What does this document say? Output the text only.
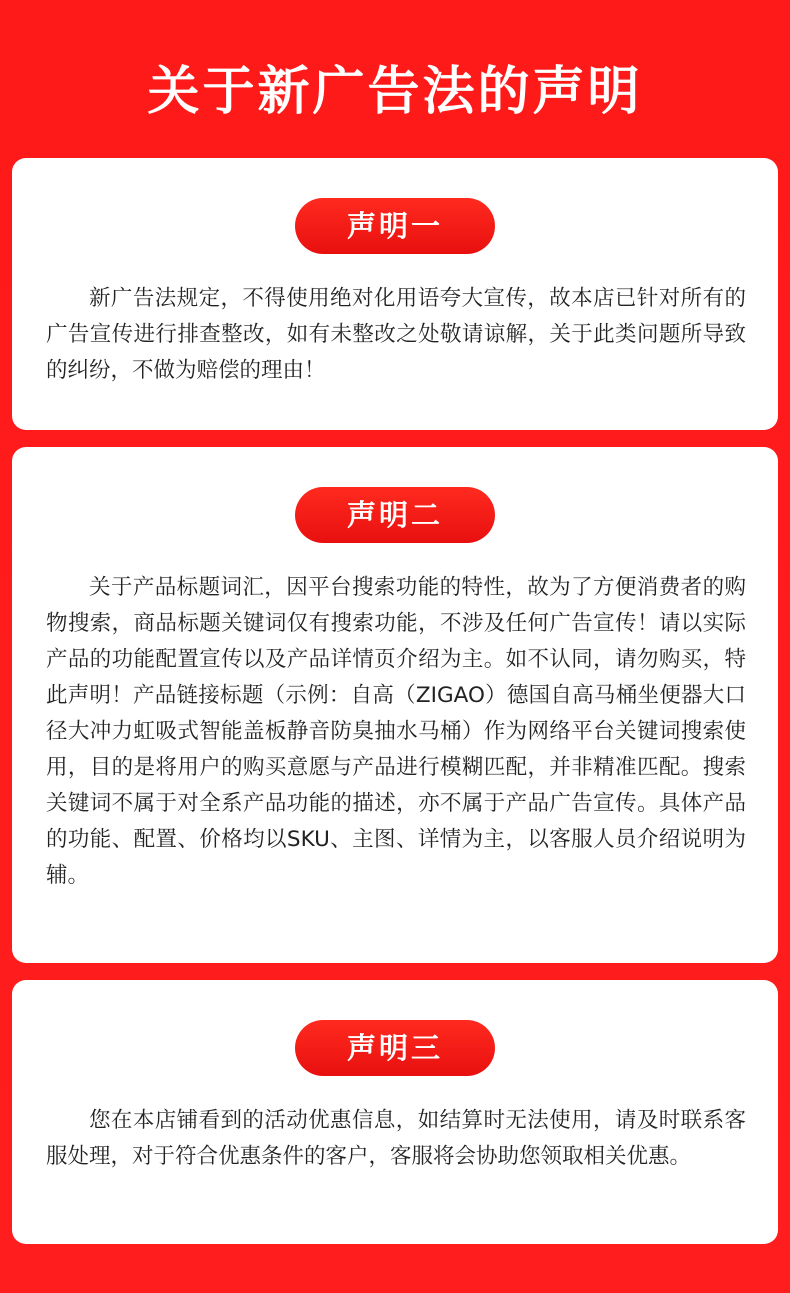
关于新广告法的声明
声明一

新广告法规定，不得使用绝对化用语夸大宣传，故本店已针对所有的广告宣传进行排查整改，如有未整改之处敬请谅解，关于此类问题所导致的纠纷，不做为赔偿的理由！

声明二

关于产品标题词汇，因平台搜索功能的特性，故为了方便消费者的购物搜索，商品标题关键词仅有搜索功能，不涉及任何广告宣传！请以实际产品的功能配置宣传以及产品详情页介绍为主。如不认同，请勿购买，特此声明！产品链接标题（示例：自高（ZIGAO）德国自高马桶坐便器大口径大冲力虹吸式智能盖板静音防臭抽水马桶）作为网络平台关键词搜索使用，目的是将用户的购买意愿与产品进行模糊匹配，并非精准匹配。搜索关键词不属于对全系产品功能的描述，亦不属于产品广告宣传。具体产品的功能、配置、价格均以SKU、主图、详情为主，以客服人员介绍说明为辅。

声明三

您在本店铺看到的活动优惠信息，如结算时无法使用，请及时联系客服处理，对于符合优惠条件的客户，客服将会协助您领取相关优惠。
